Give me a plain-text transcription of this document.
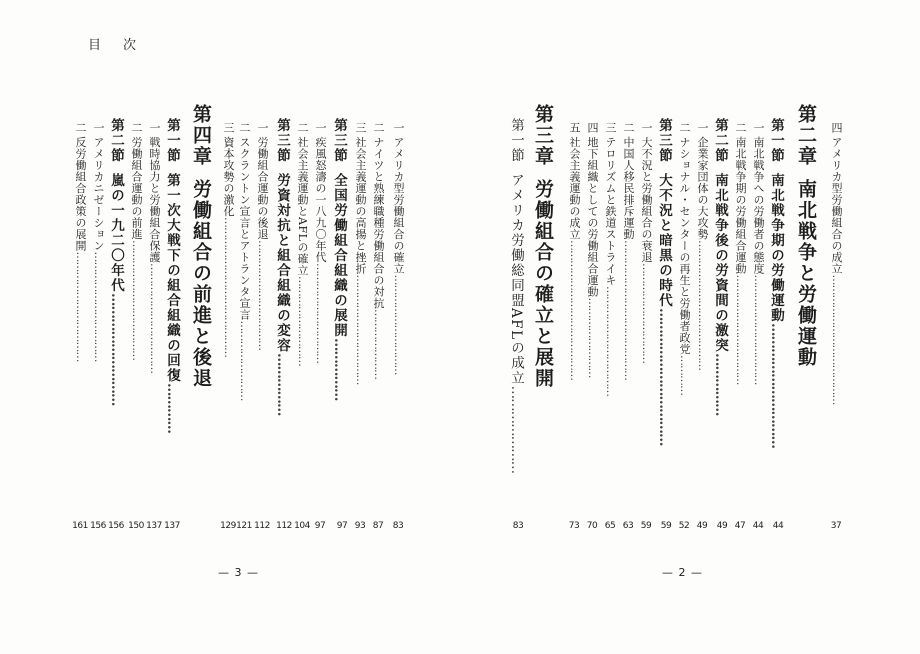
目次
一アメリカ型労働組合の確立…………………………
83
二ナイツと熟練職種労働組合の対抗…………………
87
三社会主義運動の高揚と挫折……………………………
93
第三節全国労働組合組織の展開……………
97
一疾風怒濤の一八九〇年代…………………………
97
二社会主義運動とAFLの確立………………………
104
第三節労資対抗と組合組織の変容……………
112
一労働組合運動の後退……………………………
112
二スクラントン宣言とアトランタ宣言……………………
121
三資本攻勢の激化……………………………………
129
第四章労働組合の前進と後退
第一節第一次大戦下の組合組織の回復…………
137
一戦時協力と労働組合保護……………………………
137
二労働組合運動の前進………………………………
150
第二節嵐の一九二〇年代………………………
156
一アメリカニゼーション……………………………
156
二反労働組合政策の展開……………………………
161
— 3 —
四アメリカ型労働組合の成立…………………………………
37
第二章南北戦争と労働運動
第一節南北戦争期の労働運動…………………………
44
一南北戦争への労働者の態度……………………………
44
二南北戦争期の労働組合運動……………………………
47
第二節南北戦争後の労資間の激突……………
49
一企業家団体の大攻勢…………………………………
49
二ナショナル・センターの再生と労働者政党…………
52
第三節大不況と暗黒の時代……………………………
59
一大不況と労働組合の衰退…………………………
59
二中国人移民排斥運動……………………………………
63
三テロリズムと鉄道ストライキ……………………………
65
四地下組織としての労働組合運動……………………
70
五社会主義運動の成立……………………………………
73
第三章労働組合の確立と展開
第一節アメリカ労働総同盟AFLの成立…………………
83
— 2 —
